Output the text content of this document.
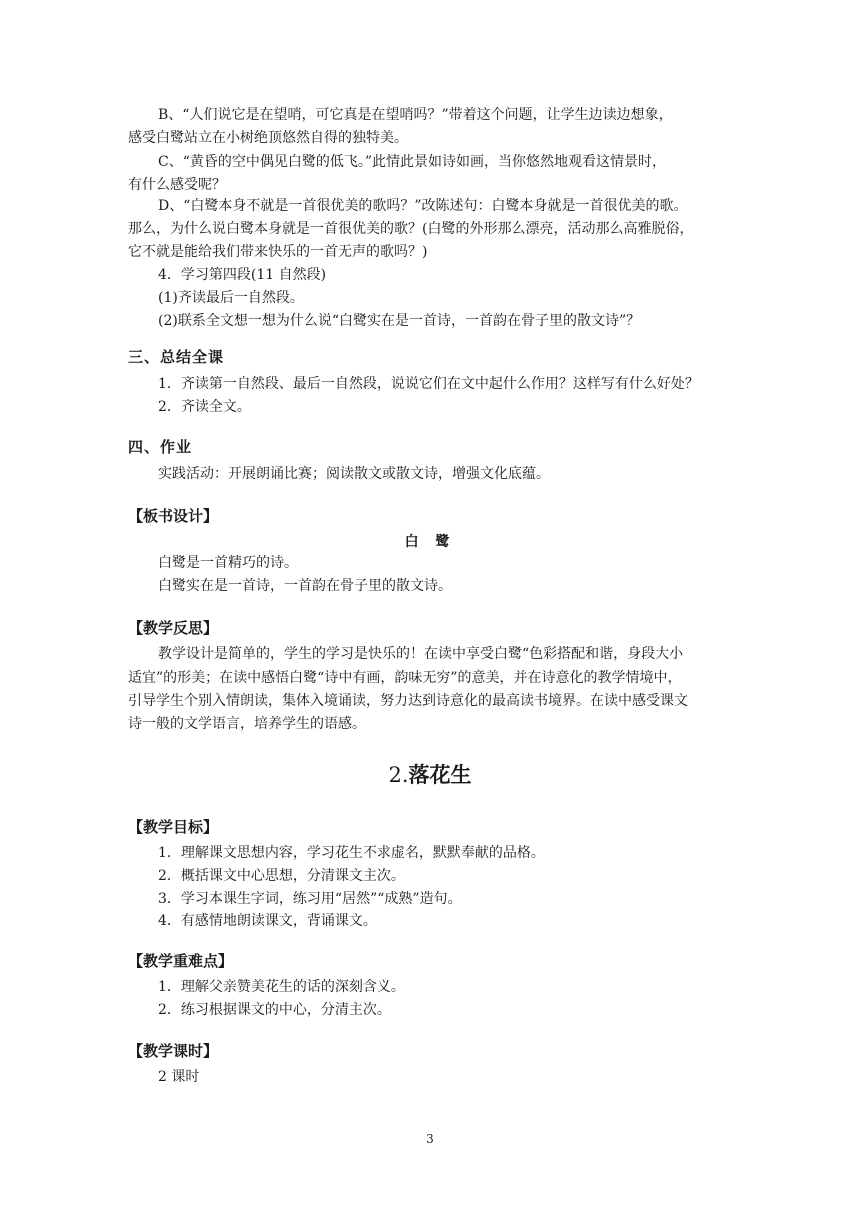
B、“人们说它是在望哨，可它真是在望哨吗？”带着这个问题，让学生边读边想象，
感受白鹭站立在小树绝顶悠然自得的独特美。
C、“黄昏的空中偶见白鹭的低飞。”此情此景如诗如画，当你悠然地观看这情景时，
有什么感受呢？
D、“白鹭本身不就是一首很优美的歌吗？”改陈述句：白鹭本身就是一首很优美的歌。
那么，为什么说白鹭本身就是一首很优美的歌？(白鹭的外形那么漂亮，活动那么高雅脱俗，
它不就是能给我们带来快乐的一首无声的歌吗？)
4．学习第四段(11 自然段)
(1)齐读最后一自然段。
(2)联系全文想一想为什么说“白鹭实在是一首诗，一首韵在骨子里的散文诗”？
三、总结全课
1．齐读第一自然段、最后一自然段，说说它们在文中起什么作用？这样写有什么好处？
2．齐读全文。
四、作业
实践活动：开展朗诵比赛；阅读散文或散文诗，增强文化底蕴。
【板书设计】
白 鹭
白鹭是一首精巧的诗。
白鹭实在是一首诗，一首韵在骨子里的散文诗。
【教学反思】
教学设计是简单的，学生的学习是快乐的！在读中享受白鹭“色彩搭配和谐，身段大小
适宜”的形美；在读中感悟白鹭“诗中有画，韵味无穷”的意美，并在诗意化的教学情境中，
引导学生个别入情朗读，集体入境诵读，努力达到诗意化的最高读书境界。在读中感受课文
诗一般的文学语言，培养学生的语感。
2.落花生
【教学目标】
1．理解课文思想内容，学习花生不求虚名，默默奉献的品格。
2．概括课文中心思想，分清课文主次。
3．学习本课生字词，练习用“居然”“成熟”造句。
4．有感情地朗读课文，背诵课文。
【教学重难点】
1．理解父亲赞美花生的话的深刻含义。
2．练习根据课文的中心，分清主次。
【教学课时】
2 课时
3
